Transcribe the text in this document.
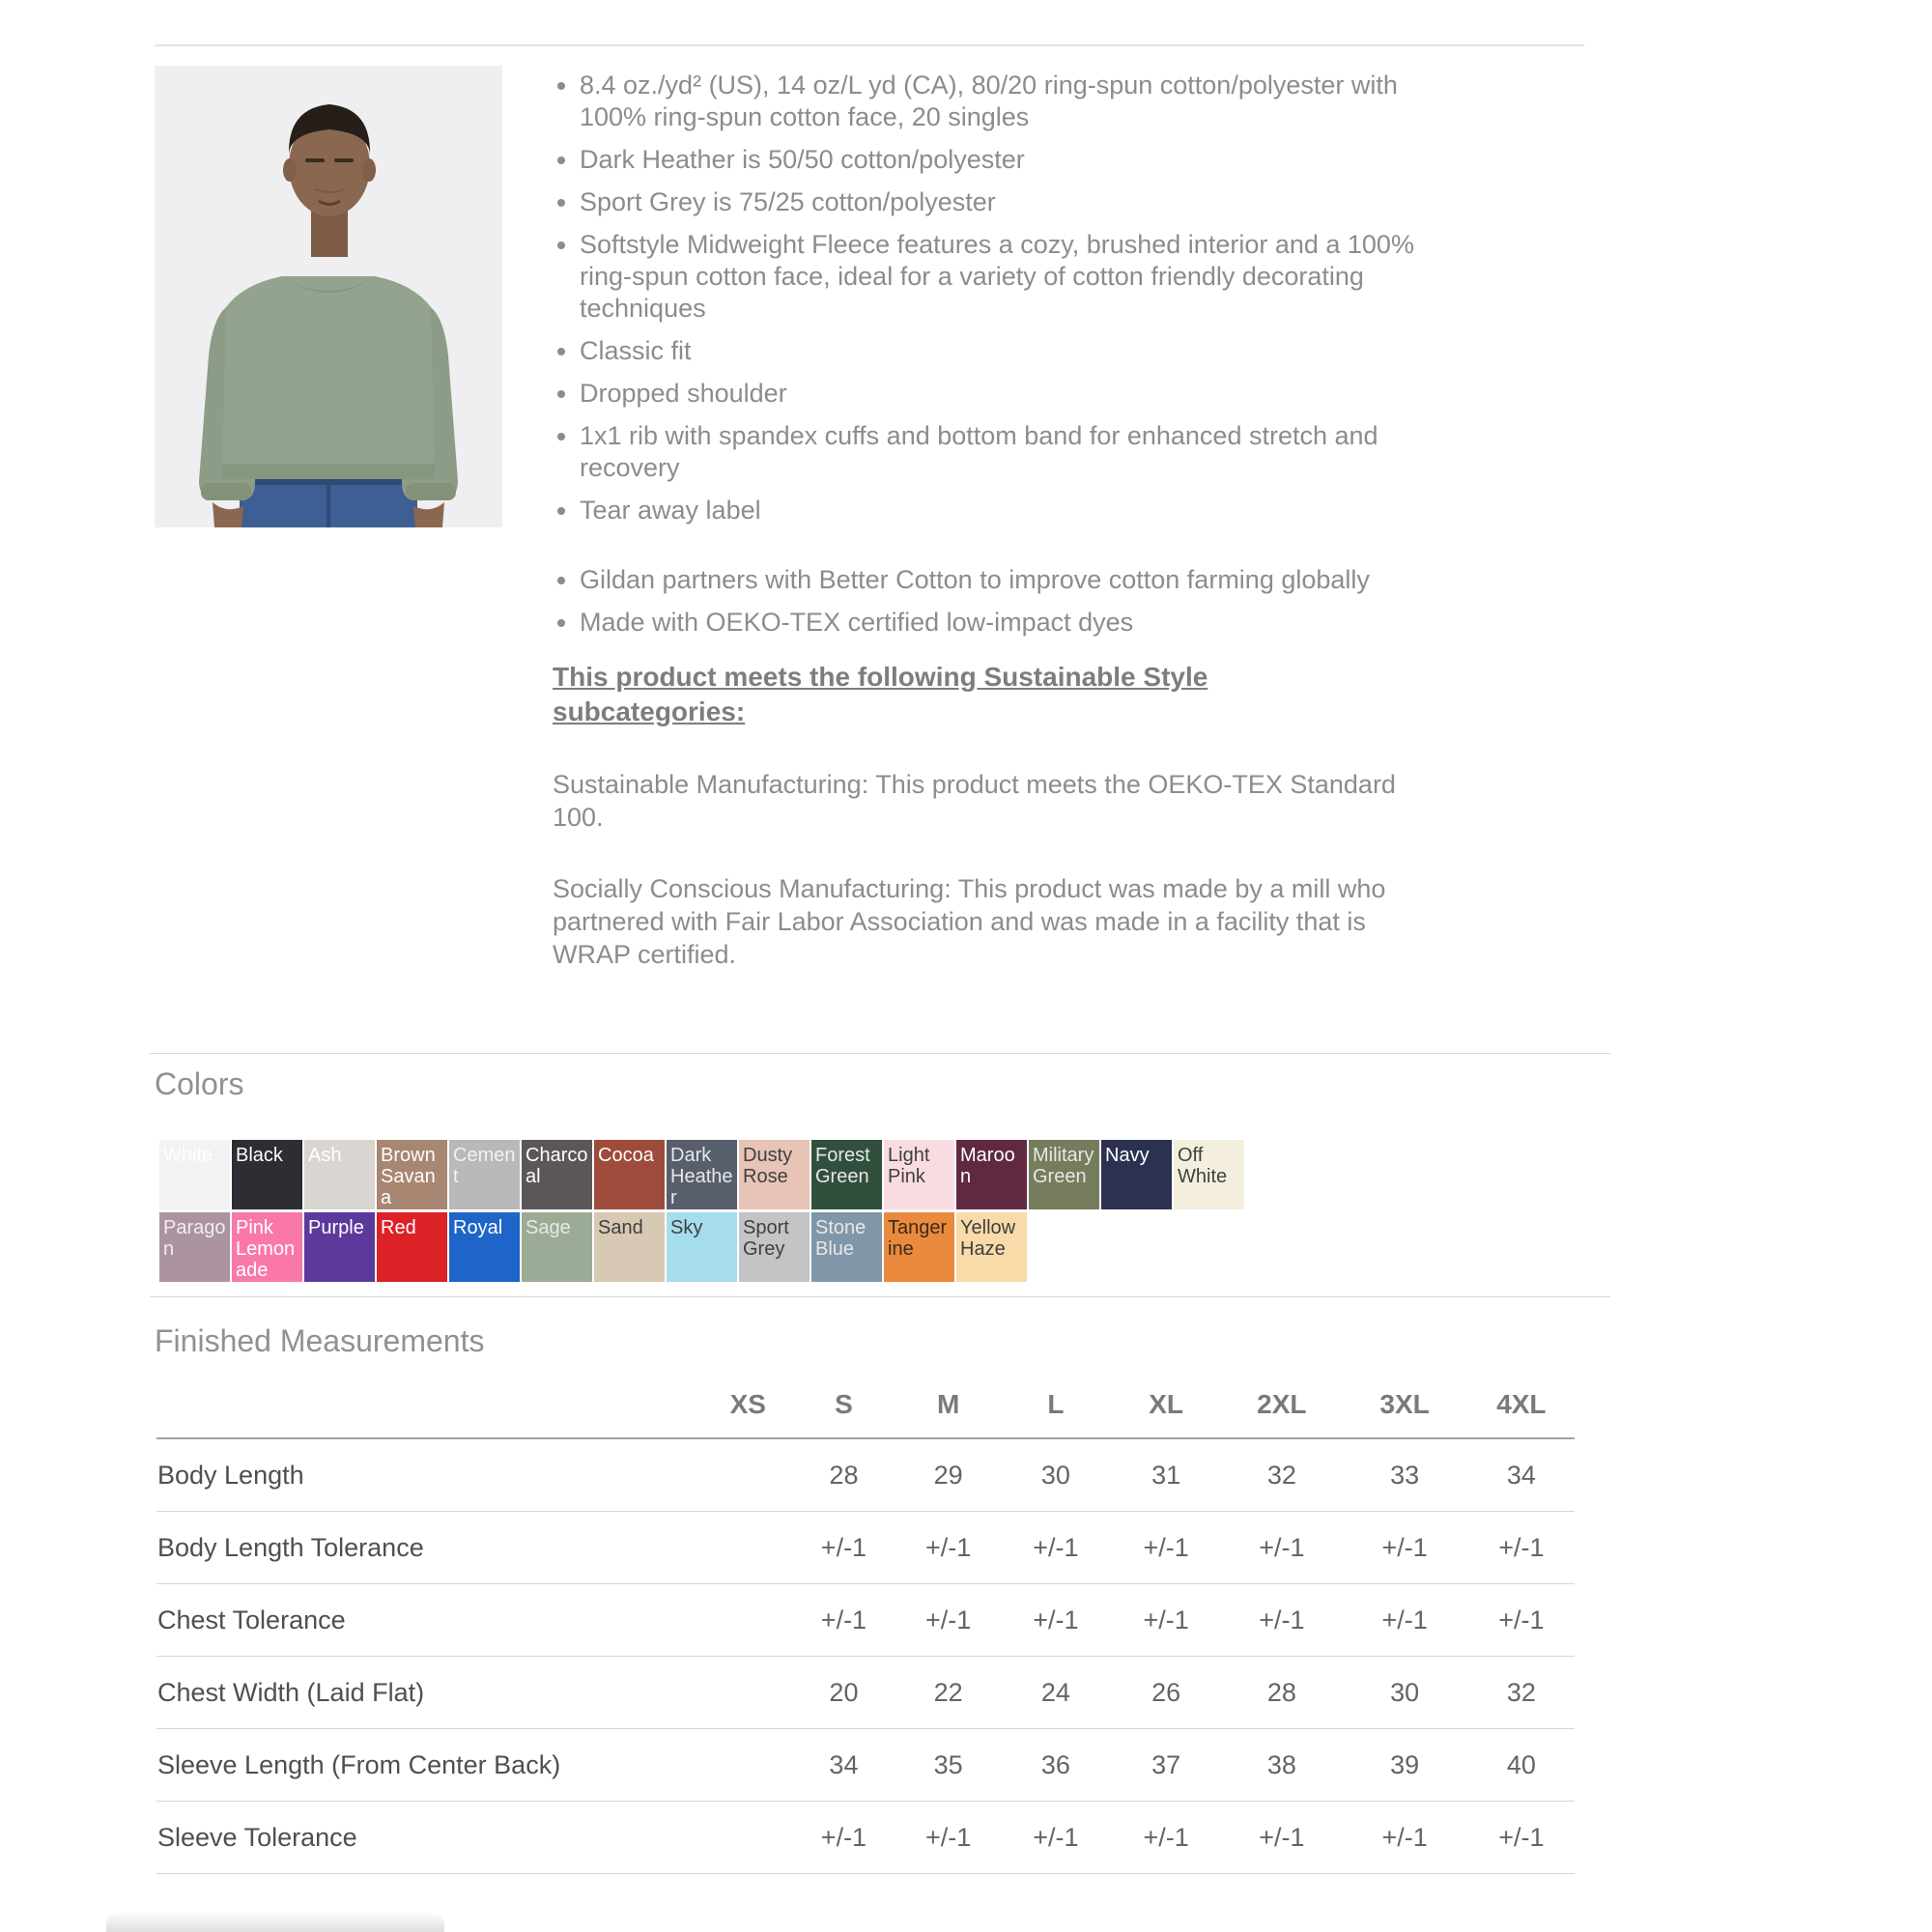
• 8.4 oz./yd² (US), 14 oz/L yd (CA), 80/20 ring-spun cotton/polyester with 100% ring-spun cotton face, 20 singles
• Dark Heather is 50/50 cotton/polyester
• Sport Grey is 75/25 cotton/polyester
• Softstyle Midweight Fleece features a cozy, brushed interior and a 100% ring-spun cotton face, ideal for a variety of cotton friendly decorating techniques
• Classic fit
• Dropped shoulder
• 1x1 rib with spandex cuffs and bottom band for enhanced stretch and recovery
• Tear away label
• Gildan partners with Better Cotton to improve cotton farming globally
• Made with OEKO-TEX certified low-impact dyes
This product meets the following Sustainable Style subcategories:

Sustainable Manufacturing: This product meets the OEKO-TEX Standard 100.

Socially Conscious Manufacturing: This product was made by a mill who partnered with Fair Labor Association and was made in a facility that is WRAP certified.

Colors
White	Black	Ash	Brown Savana
Cement
Charcoal
Cocoa Dark Heather
Dusty Rose
Forest Green
Light Pink
Maroon
Military Green
Navy	Off White
Paragon
Pink Lemonade
Purple Red	Royal	Sage	Sand	Sky	Sport Grey
Stone Blue
Tangerine
Yellow Haze
Finished Measurements
	XS	S	M	L	XL	2XL	3XL	4XL
Body Length		28	29	30	31	32	33	34
Body Length Tolerance		+/-1	+/-1	+/-1	+/-1	+/-1	+/-1	+/-1
Chest Tolerance		+/-1	+/-1	+/-1	+/-1	+/-1	+/-1	+/-1
Chest Width (Laid Flat)		20	22	24	26	28	30	32
Sleeve Length (From Center Back)		34	35	36	37	38	39	40
Sleeve Tolerance		+/-1	+/-1	+/-1	+/-1	+/-1	+/-1	+/-1
